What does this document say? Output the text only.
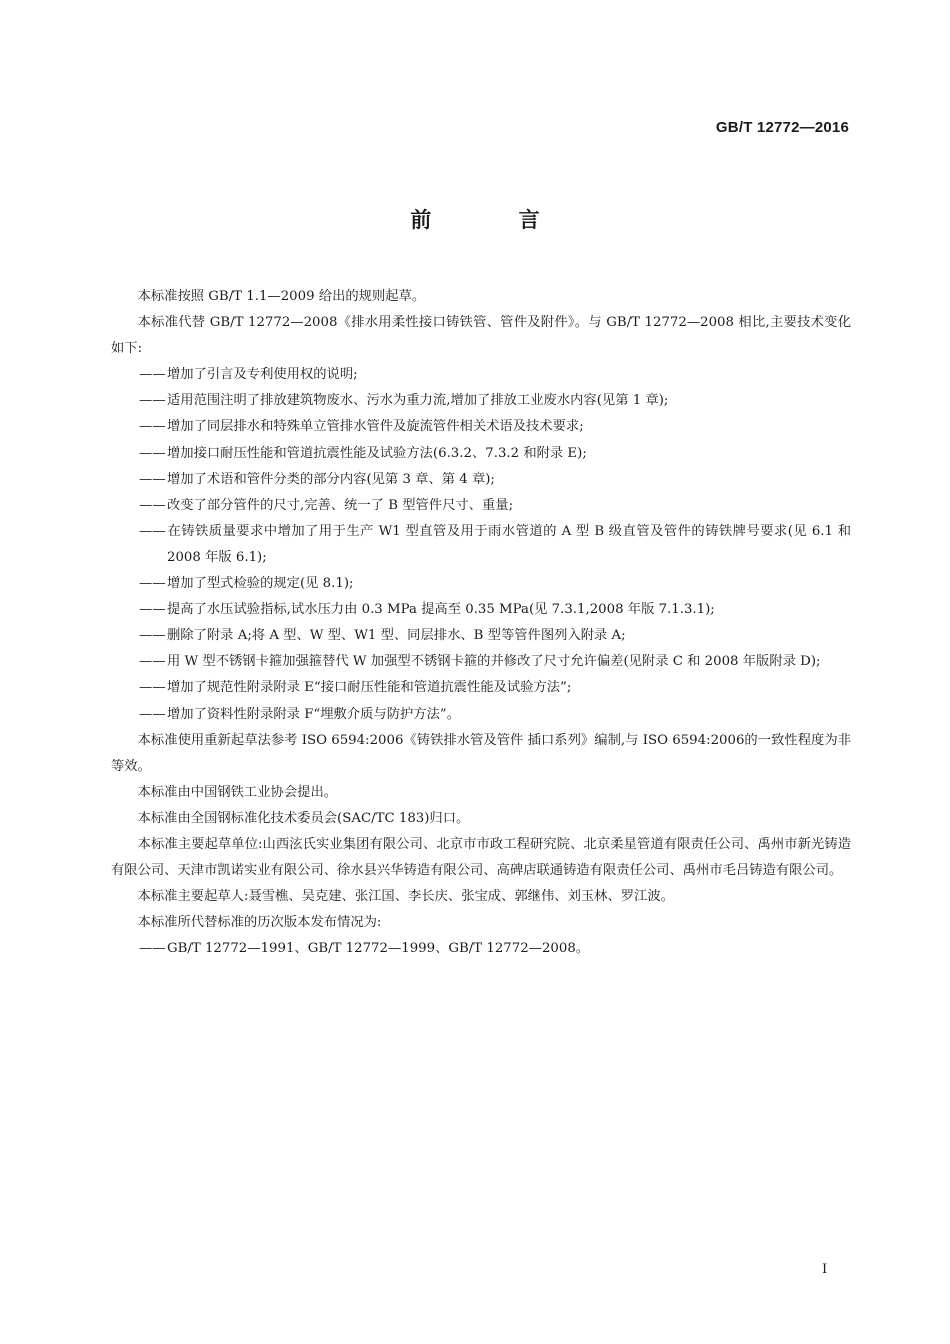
GB/T 12772—2016
前 言

本标准按照 GB/T 1.1—2009 给出的规则起草。

本标准代替 GB/T 12772—2008《排水用柔性接口铸铁管、管件及附件》。与 GB/T 12772—2008 相比,主要技术变化如下:

——增加了引言及专利使用权的说明;

——适用范围注明了排放建筑物废水、污水为重力流,增加了排放工业废水内容(见第 1 章);

——增加了同层排水和特殊单立管排水管件及旋流管件相关术语及技术要求;

——增加接口耐压性能和管道抗震性能及试验方法(6.3.2、7.3.2 和附录 E);

——增加了术语和管件分类的部分内容(见第 3 章、第 4 章);

——改变了部分管件的尺寸,完善、统一了 B 型管件尺寸、重量;

——在铸铁质量要求中增加了用于生产 W1 型直管及用于雨水管道的 A 型 B 级直管及管件的铸铁牌号要求(见 6.1 和 2008 年版 6.1);

——增加了型式检验的规定(见 8.1);

——提高了水压试验指标,试水压力由 0.3 MPa 提高至 0.35 MPa(见 7.3.1,2008 年版 7.1.3.1);

——删除了附录 A;将 A 型、W 型、W1 型、同层排水、B 型等管件图列入附录 A;

——用 W 型不锈钢卡箍加强箍替代 W 加强型不锈钢卡箍的并修改了尺寸允许偏差(见附录 C 和 2008 年版附录 D);

——增加了规范性附录附录 E“接口耐压性能和管道抗震性能及试验方法”;

——增加了资料性附录附录 F“埋敷介质与防护方法”。

本标准使用重新起草法参考 ISO 6594:2006《铸铁排水管及管件 插口系列》编制,与 ISO 6594:2006的一致性程度为非等效。

本标准由中国钢铁工业协会提出。

本标准由全国钢标准化技术委员会(SAC/TC 183)归口。

本标准主要起草单位:山西泫氏实业集团有限公司、北京市市政工程研究院、北京柔星管道有限责任公司、禹州市新光铸造有限公司、天津市凯诺实业有限公司、徐水县兴华铸造有限公司、高碑店联通铸造有限责任公司、禹州市毛吕铸造有限公司。

本标准主要起草人:聂雪樵、吴克建、张江国、李长庆、张宝成、郭继伟、刘玉林、罗江波。

本标准所代替标准的历次版本发布情况为:

——GB/T 12772—1991、GB/T 12772—1999、GB/T 12772—2008。

I
